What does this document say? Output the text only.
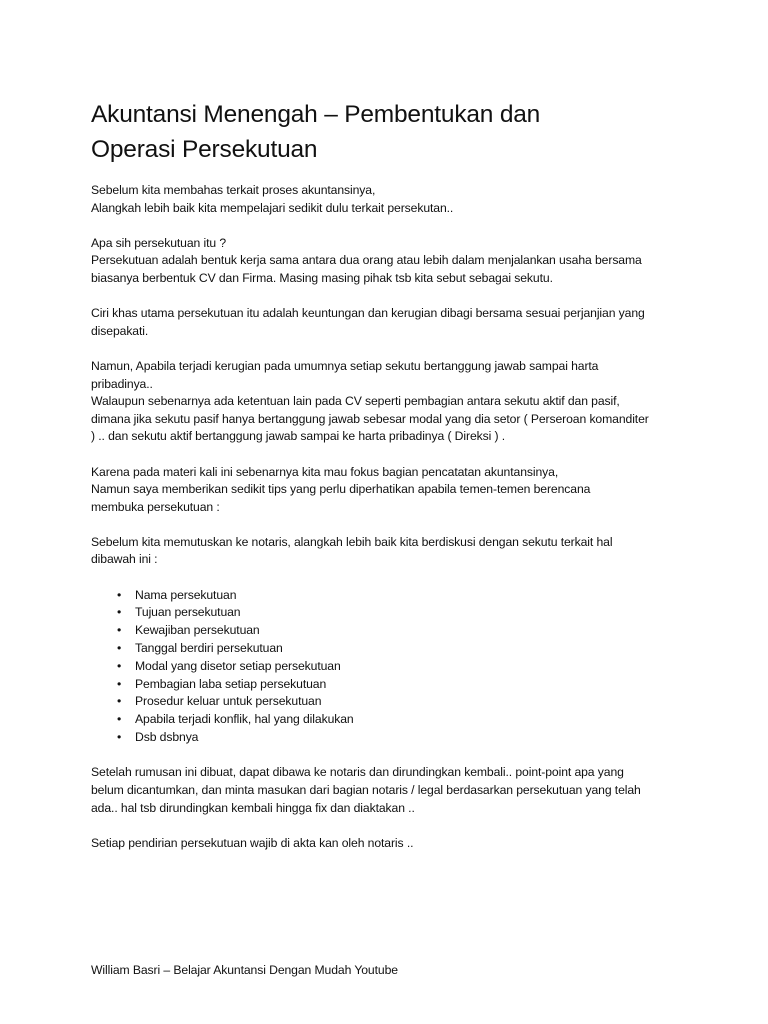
Akuntansi Menengah – Pembentukan dan
Operasi Persekutuan

Sebelum kita membahas terkait proses akuntansinya,
Alangkah lebih baik kita mempelajari sedikit dulu terkait persekutan..

Apa sih persekutuan itu ?
Persekutuan adalah bentuk kerja sama antara dua orang atau lebih dalam menjalankan usaha bersama
biasanya berbentuk CV dan Firma. Masing masing pihak tsb kita sebut sebagai sekutu.

Ciri khas utama persekutuan itu adalah keuntungan dan kerugian dibagi bersama sesuai perjanjian yang
disepakati.

Namun, Apabila terjadi kerugian pada umumnya setiap sekutu bertanggung jawab sampai harta
pribadinya..
Walaupun sebenarnya ada ketentuan lain pada CV seperti pembagian antara sekutu aktif dan pasif,
dimana jika sekutu pasif hanya bertanggung jawab sebesar modal yang dia setor ( Perseroan komanditer
) .. dan sekutu aktif bertanggung jawab sampai ke harta pribadinya ( Direksi ) .

Karena pada materi kali ini sebenarnya kita mau fokus bagian pencatatan akuntansinya,
Namun saya memberikan sedikit tips yang perlu diperhatikan apabila temen-temen berencana
membuka persekutuan :

Sebelum kita memutuskan ke notaris, alangkah lebih baik kita berdiskusi dengan sekutu terkait hal
dibawah ini :

• Nama persekutuan
• Tujuan persekutuan
• Kewajiban persekutuan
• Tanggal berdiri persekutuan
• Modal yang disetor setiap persekutuan
• Pembagian laba setiap persekutuan
• Prosedur keluar untuk persekutuan
• Apabila terjadi konflik, hal yang dilakukan
• Dsb dsbnya

Setelah rumusan ini dibuat, dapat dibawa ke notaris dan dirundingkan kembali.. point-point apa yang
belum dicantumkan, dan minta masukan dari bagian notaris / legal berdasarkan persekutuan yang telah
ada.. hal tsb dirundingkan kembali hingga fix dan diaktakan ..

Setiap pendirian persekutuan wajib di akta kan oleh notaris ..

William Basri – Belajar Akuntansi Dengan Mudah Youtube
